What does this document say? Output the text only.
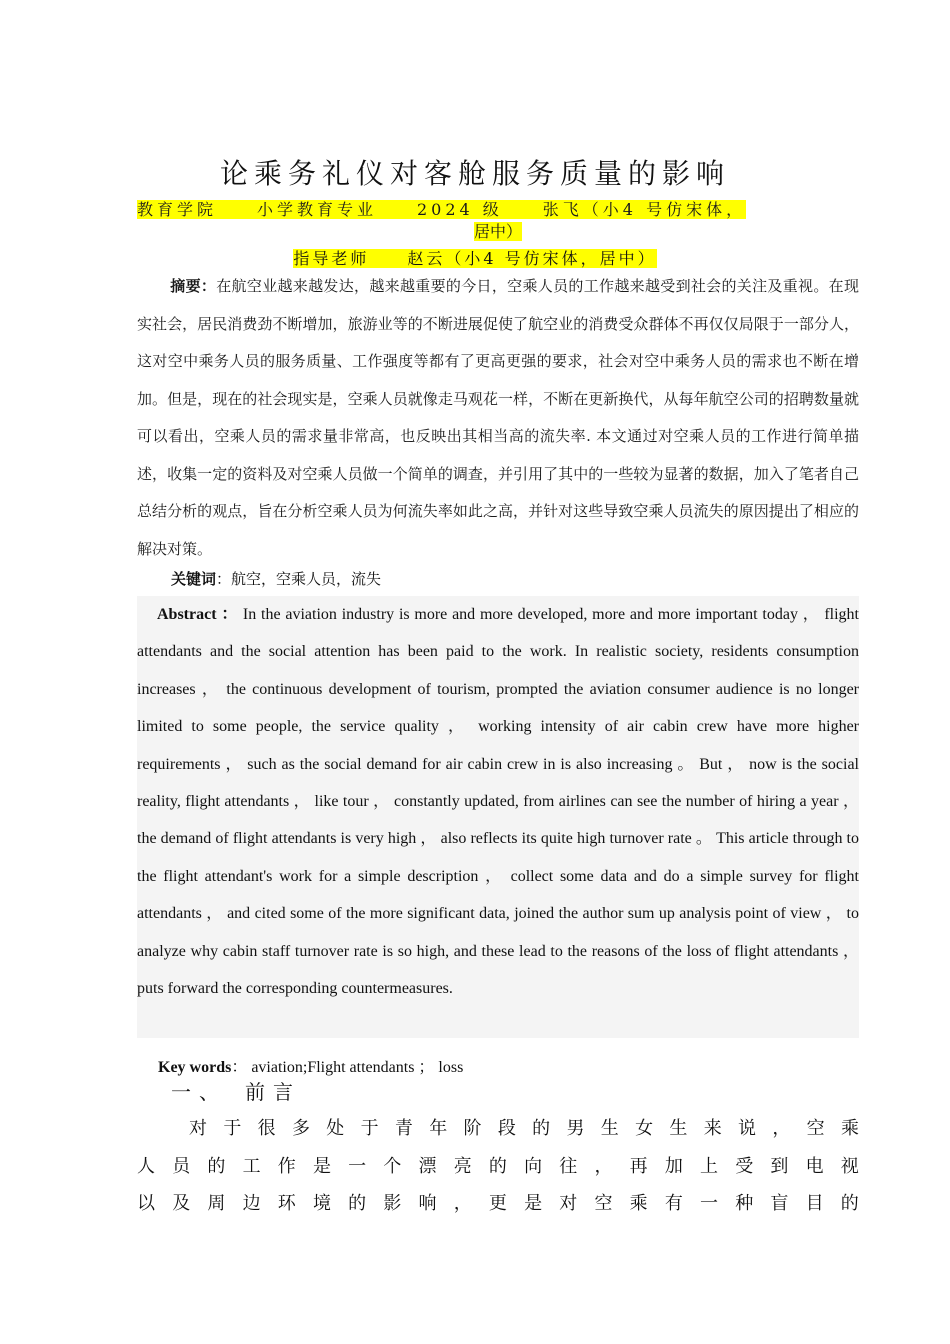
论乘务礼仪对客舱服务质量的影响
教育学院　　小学教育专业　　2024 级　　张飞（小4 号仿宋体，
居中）
指导老师　　赵云（小4 号仿宋体，居中）
摘要：在航空业越来越发达，越来越重要的今日，空乘人员的工作越来越受到社会的关注及重视。在现实社会，居民消费劲不断增加，旅游业等的不断进展促使了航空业的消费受众群体不再仅仅局限于一部分人，这对空中乘务人员的服务质量、工作强度等都有了更高更强的要求，社会对空中乘务人员的需求也不断在增加。但是，现在的社会现实是，空乘人员就像走马观花一样，不断在更新换代，从每年航空公司的招聘数量就可以看出，空乘人员的需求量非常高，也反映出其相当高的流失率. 本文通过对空乘人员的工作进行简单描述，收集一定的资料及对空乘人员做一个简单的调查，并引用了其中的一些较为显著的数据，加入了笔者自己总结分析的观点，旨在分析空乘人员为何流失率如此之高，并针对这些导致空乘人员流失的原因提出了相应的解决对策。
关键词：航空，空乘人员，流失
Abstract ： In the aviation industry is more and more developed, more and more important today ， flight attendants and the social attention has been paid to the work. In realistic society, residents consumption increases ， the continuous development of tourism, prompted the aviation consumer audience is no longer limited to some people, the service quality ， working intensity of air cabin crew have more higher requirements ， such as the social demand for air cabin crew in is also increasing 。 But ， now is the social reality, flight attendants ， like tour ， constantly updated, from airlines can see the number of hiring a year ， the demand of flight attendants is very high ， also reflects its quite high turnover rate 。 This article through to the flight attendant's work for a simple description ， collect some data and do a simple survey for flight attendants ， and cited some of the more significant data, joined the author sum up analysis point of view ， to analyze why cabin staff turnover rate is so high, and these lead to the reasons of the loss of flight attendants ， puts forward the corresponding countermeasures.
Key words： aviation;Flight attendants ； loss
一、　前言
对 于 很 多 处 于 青 年 阶 段 的 男 生 女 生 来 说 ， 空 乘
人 员 的 工 作 是 一 个 漂 亮 的 向 往 ， 再 加 上 受 到 电 视
以 及 周 边 环 境 的 影 响 ， 更 是 对 空 乘 有 一 种 盲 目 的
